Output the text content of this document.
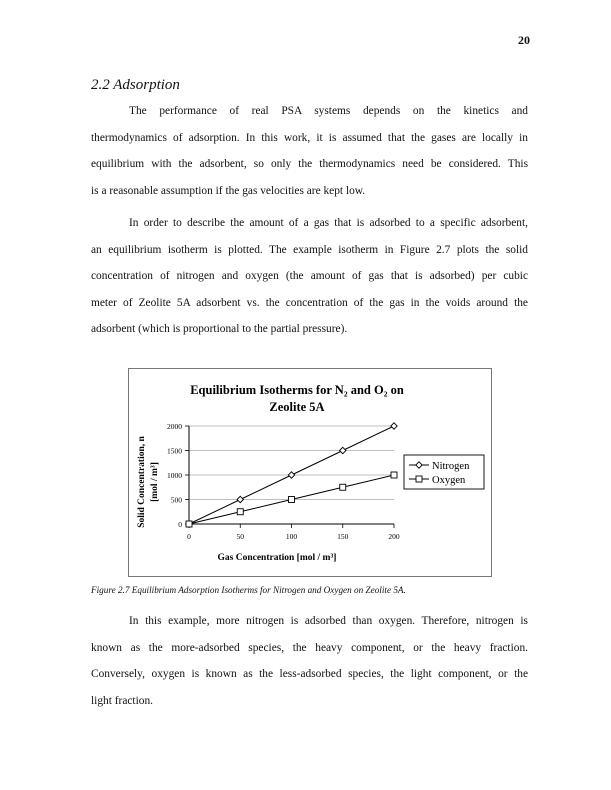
20
2.2 Adsorption
The performance of real PSA systems depends on the kinetics and
thermodynamics of adsorption. In this work, it is assumed that the gases are locally in
equilibrium with the adsorbent, so only the thermodynamics need be considered. This
is a reasonable assumption if the gas velocities are kept low.
In order to describe the amount of a gas that is adsorbed to a specific adsorbent,
an equilibrium isotherm is plotted. The example isotherm in Figure 2.7 plots the solid
concentration of nitrogen and oxygen (the amount of gas that is adsorbed) per cubic
meter of Zeolite 5A adsorbent vs. the concentration of the gas in the voids around the
adsorbent (which is proportional to the partial pressure).
Equilibrium Isotherms for N₂ and O₂ on
Zeolite 5A
0
500
1000
1500
2000
0	50	100	150	200
Gas Concentration [mol / m³]
Solid Concentration, n [mol / m³]	Nitrogen
Oxygen
Figure 2.7 Equilibrium Adsorption Isotherms for Nitrogen and Oxygen on Zeolite 5A.
In this example, more nitrogen is adsorbed than oxygen. Therefore, nitrogen is
known as the more-adsorbed species, the heavy component, or the heavy fraction.
Conversely, oxygen is known as the less-adsorbed species, the light component, or the
light fraction.
